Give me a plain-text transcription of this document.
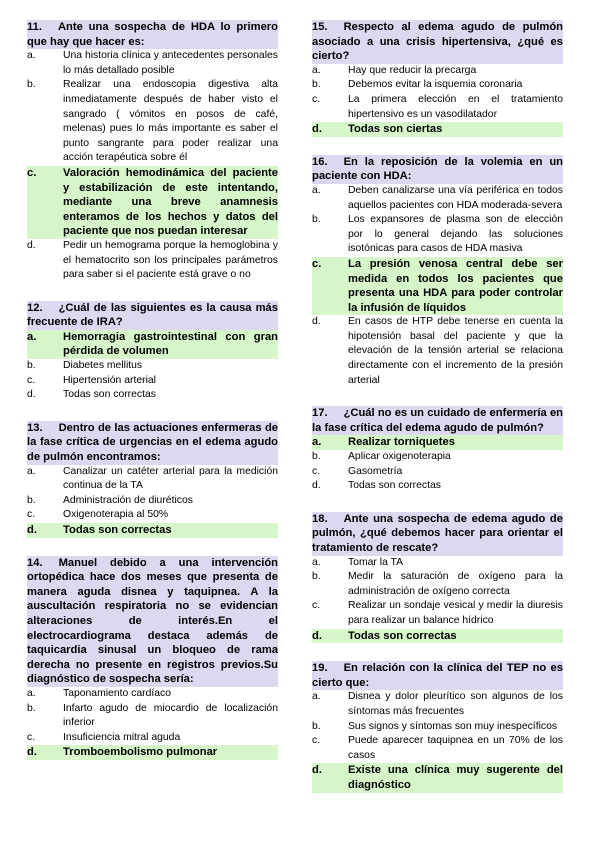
11. Ante una sospecha de HDA lo primero que hay que hacer es:
a.	Una historia clínica y antecedentes personales lo más detallado posible
b.	Realizar una endoscopia digestiva alta inmediatamente después de haber visto el sangrado ( vómitos en posos de café, melenas) pues lo más importante es saber el punto sangrante para poder realizar una acción terapéutica sobre él
c.	Valoración hemodinámica del paciente y estabilización de este intentando, mediante una breve anamnesis enteramos de los hechos y datos del paciente que nos puedan interesar
d.	Pedir un hemograma porque la hemoglobina y el hematocrito son los principales parámetros para saber si el paciente está grave o no
12. ¿Cuál de las siguientes es la causa más frecuente de IRA?
a.	Hemorragia gastrointestinal con gran pérdida de volumen
b.	Diabetes mellitus
c.	Hipertensión arterial
d.	Todas son correctas
13. Dentro de las actuaciones enfermeras de la fase crítica de urgencias en el edema agudo de pulmón encontramos:
a.	Canalizar un catéter arterial para la medición continua de la TA
b.	Administración de diuréticos
c.	Oxigenoterapia al 50%
d.	Todas son correctas
14. Manuel debido a una intervención ortopédica hace dos meses que presenta de manera aguda disnea y taquipnea. A la auscultación respiratoria no se evidencian alteraciones de interés.En el electrocardiograma destaca además de taquicardia sinusal un bloqueo de rama derecha no presente en registros previos.Su diagnóstico de sospecha sería:
a.	Taponamiento cardíaco
b.	Infarto agudo de miocardio de localización inferior
c.	Insuficiencia mitral aguda
d.	Tromboembolismo pulmonar
15. Respecto al edema agudo de pulmón asociado a una crisis hipertensiva, ¿qué es cierto?
a.	Hay que reducir la precarga
b.	Debemos evitar la isquemia coronaria
c.	La primera elección en el tratamiento hipertensivo es un vasodilatador
d.	Todas son ciertas
16. En la reposición de la volemia en un paciente con HDA:
a.	Deben canalizarse una vía periférica en todos aquellos pacientes con HDA moderada-severa
b.	Los expansores de plasma son de elección por lo general dejando las soluciones isotónicas para casos de HDA masiva
c.	La presión venosa central debe ser medida en todos los pacientes que presenta una HDA para poder controlar la infusión de líquidos
d.	En casos de HTP debe tenerse en cuenta la hipotensión basal del paciente y que la elevación de la tensión arterial se relaciona directamente con el incremento de la presión arterial
17. ¿Cuál no es un cuidado de enfermería en la fase crítica del edema agudo de pulmón?
a.	Realizar torniquetes
b.	Aplicar oxigenoterapia
c.	Gasometría
d.	Todas son correctas
18. Ante una sospecha de edema agudo de pulmón, ¿qué debemos hacer para orientar el tratamiento de rescate?
a.	Tomar la TA
b.	Medir la saturación de oxígeno para la administración de oxígeno correcta
c.	Realizar un sondaje vesical y medir la diuresis para realizar un balance hídrico
d.	Todas son correctas
19. En relación con la clínica del TEP no es cierto que:
a.	Disnea y dolor pleurítico son algunos de los síntomas más frecuentes
b.	Sus signos y síntomas son muy inespecíficos
c.	Puede aparecer taquipnea en un 70% de los casos
d.	Existe una clínica muy sugerente del diagnóstico
